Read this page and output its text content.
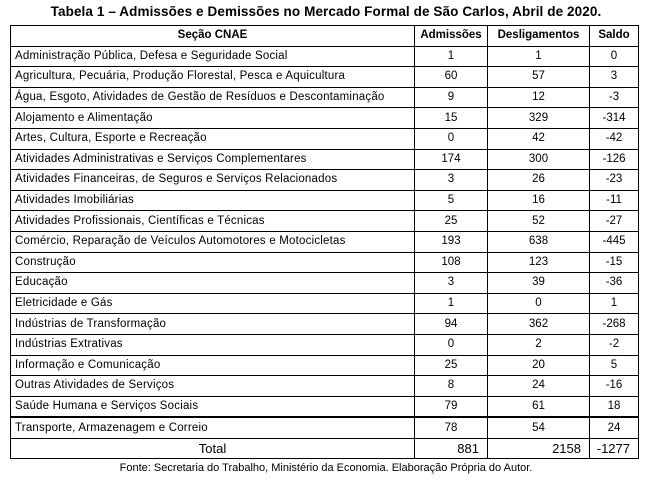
Tabela 1 – Admissões e Demissões no Mercado Formal de São Carlos, Abril de 2020.
Seção CNAE	Admissões	Desligamentos	Saldo
Administração Pública, Defesa e Seguridade Social	1	1	0
Agricultura, Pecuária, Produção Florestal, Pesca e Aquicultura	60	57	3
Água, Esgoto, Atividades de Gestão de Resíduos e Descontaminação	9	12	-3
Alojamento e Alimentação	15	329	-314
Artes, Cultura, Esporte e Recreação	0	42	-42
Atividades Administrativas e Serviços Complementares	174	300	-126
Atividades Financeiras, de Seguros e Serviços Relacionados	3	26	-23
Atividades Imobiliárias	5	16	-11
Atividades Profissionais, Científicas e Técnicas	25	52	-27
Comércio, Reparação de Veículos Automotores e Motocicletas	193	638	-445
Construção	108	123	-15
Educação	3	39	-36
Eletricidade e Gás	1	0	1
Indústrias de Transformação	94	362	-268
Indústrias Extrativas	0	2	-2
Informação e Comunicação	25	20	5
Outras Atividades de Serviços	8	24	-16
Saúde Humana e Serviços Sociais	79	61	18
Transporte, Armazenagem e Correio	78	54	24
Total	881	2158	-1277
Fonte: Secretaria do Trabalho, Ministério da Economia. Elaboração Própria do Autor.
